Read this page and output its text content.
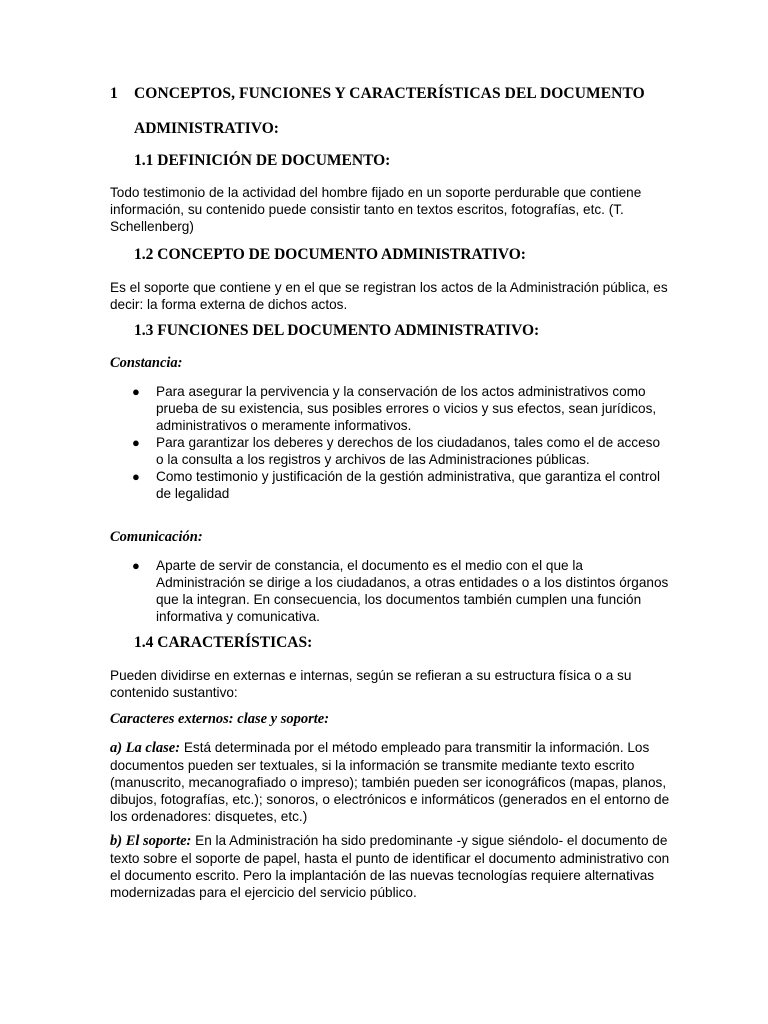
1 CONCEPTOS, FUNCIONES Y CARACTERÍSTICAS DEL DOCUMENTO
ADMINISTRATIVO:
1.1 DEFINICIÓN DE DOCUMENTO:
Todo testimonio de la actividad del hombre fijado en un soporte perdurable que contiene información, su contenido puede consistir tanto en textos escritos, fotografías, etc. (T. Schellenberg)
1.2 CONCEPTO DE DOCUMENTO ADMINISTRATIVO:
Es el soporte que contiene y en el que se registran los actos de la Administración pública, es decir: la forma externa de dichos actos.
1.3 FUNCIONES DEL DOCUMENTO ADMINISTRATIVO:
Constancia:
● Para asegurar la pervivencia y la conservación de los actos administrativos como prueba de su existencia, sus posibles errores o vicios y sus efectos, sean jurídicos, administrativos o meramente informativos.
● Para garantizar los deberes y derechos de los ciudadanos, tales como el de acceso o la consulta a los registros y archivos de las Administraciones públicas.
● Como testimonio y justificación de la gestión administrativa, que garantiza el control de legalidad
Comunicación:
● Aparte de servir de constancia, el documento es el medio con el que la Administración se dirige a los ciudadanos, a otras entidades o a los distintos órganos que la integran. En consecuencia, los documentos también cumplen una función informativa y comunicativa.
1.4 CARACTERÍSTICAS:
Pueden dividirse en externas e internas, según se refieran a su estructura física o a su contenido sustantivo:
Caracteres externos: clase y soporte:
a) La clase: Está determinada por el método empleado para transmitir la información. Los documentos pueden ser textuales, si la información se transmite mediante texto escrito (manuscrito, mecanografiado o impreso); también pueden ser iconográficos (mapas, planos, dibujos, fotografías, etc.); sonoros, o electrónicos e informáticos (generados en el entorno de los ordenadores: disquetes, etc.)
b) El soporte: En la Administración ha sido predominante -y sigue siéndolo- el documento de texto sobre el soporte de papel, hasta el punto de identificar el documento administrativo con el documento escrito. Pero la implantación de las nuevas tecnologías requiere alternativas modernizadas para el ejercicio del servicio público.
